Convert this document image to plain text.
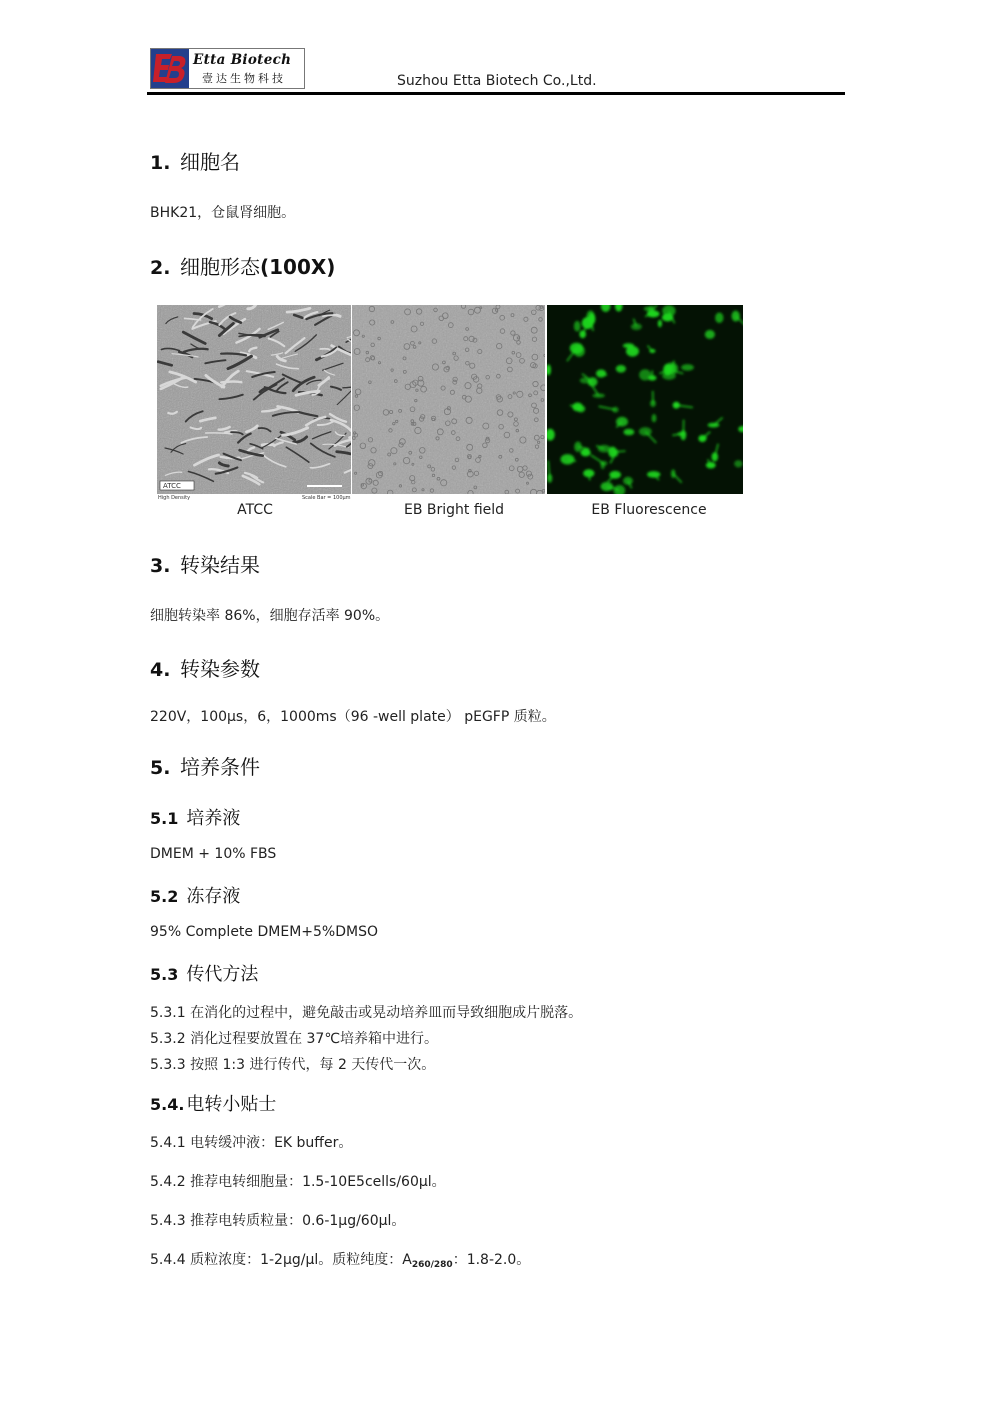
Etta Biotech
壹达生物科技	Suzhou Etta Biotech Co.,Ltd.
1. 细胞名
BHK21，仓鼠肾细胞。
2. 细胞形态(100X)
ATCC
High Density	Scale Bar = 100μm
ATCC	EB Bright field	EB Fluorescence
3. 转染结果
细胞转染率 86%，细胞存活率 90%。
4. 转染参数
220V，100μs，6，1000ms（96 -well plate） pEGFP 质粒。
5. 培养条件
5.1 培养液
DMEM + 10% FBS
5.2 冻存液
95% Complete DMEM+5%DMSO
5.3 传代方法
5.3.1 在消化的过程中，避免敲击或晃动培养皿而导致细胞成片脱落。
5.3.2 消化过程要放置在 37℃培养箱中进行。
5.3.3 按照 1:3 进行传代，每 2 天传代一次。
5.4. 电转小贴士
5.4.1 电转缓冲液：EK buffer。
5.4.2 推荐电转细胞量：1.5-10E5cells/60μl。
5.4.3 推荐电转质粒量：0.6-1μg/60μl。
5.4.4 质粒浓度：1-2μg/μl。质粒纯度：$A_{260/280}$：1.8-2.0。
